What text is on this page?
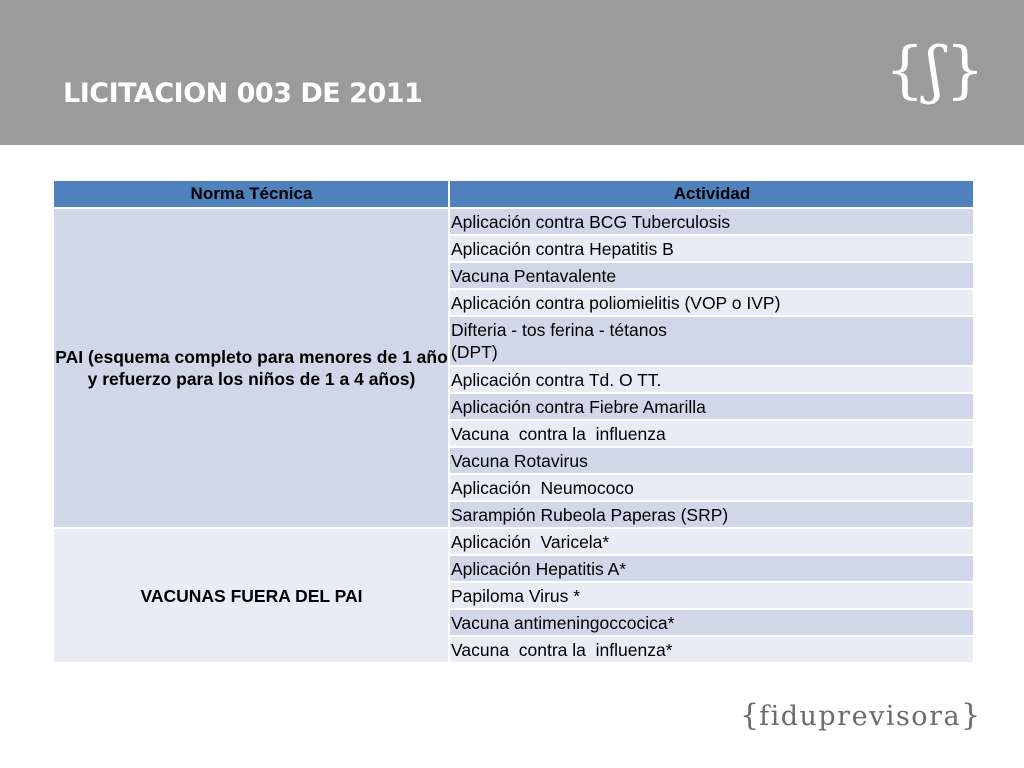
LICITACION 003 DE 2011	{ʃ}
Norma Técnica	Actividad
PAI (esquema completo para menores de 1 año y refuerzo para los niños de 1 a 4 años)	Aplicación contra BCG Tuberculosis
	Aplicación contra Hepatitis B
	Vacuna Pentavalente
	Aplicación contra poliomielitis (VOP o IVP)
	Difteria - tos ferina - tétanos
(DPT)
	Aplicación contra Td. O TT.
	Aplicación contra Fiebre Amarilla
	Vacuna  contra la  influenza
	Vacuna Rotavirus
	Aplicación  Neumococo
	Sarampión Rubeola Paperas (SRP)
VACUNAS FUERA DEL PAI	Aplicación  Varicela*
	Aplicación Hepatitis A*
	Papiloma Virus *
	Vacuna antimeningoccocica*
	Vacuna  contra la  influenza*
{fiduprevisora}
